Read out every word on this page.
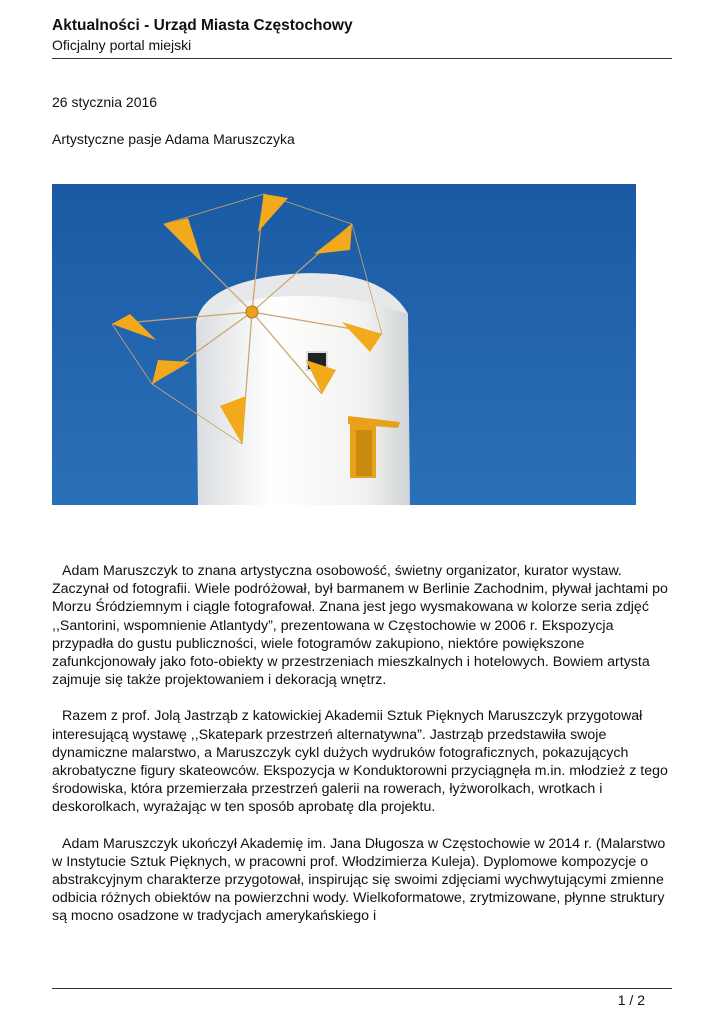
Aktualności - Urząd Miasta Częstochowy
Oficjalny portal miejski
26 stycznia 2016
Artystyczne pasje Adama Maruszczyka

Adam Maruszczyk to znana artystyczna osobowość, świetny organizator, kurator wystaw. Zaczynał od fotografii. Wiele podróżował, był barmanem w Berlinie Zachodnim, pływał jachtami po Morzu Śródziemnym i ciągle fotografował. Znana jest jego wysmakowana w kolorze seria zdjęć ,,Santorini, wspomnienie Atlantydy”, prezentowana w Częstochowie w 2006 r. Ekspozycja przypadła do gustu publiczności, wiele fotogramów zakupiono, niektóre powiększone zafunkcjonowały jako foto-obiekty w przestrzeniach mieszkalnych i hotelowych. Bowiem artysta zajmuje się także projektowaniem i dekoracją wnętrz.

Razem z prof. Jolą Jastrząb z katowickiej Akademii Sztuk Pięknych Maruszczyk przygotował interesującą wystawę ,,Skatepark przestrzeń alternatywna”. Jastrząb przedstawiła swoje dynamiczne malarstwo, a Maruszczyk cykl dużych wydruków fotograficznych, pokazujących akrobatyczne figury skateowców. Ekspozycja w Konduktorowni przyciągnęła m.in. młodzież z tego środowiska, która przemierzała przestrzeń galerii na rowerach, łyżworolkach, wrotkach i deskorolkach, wyrażając w ten sposób aprobatę dla projektu.

Adam Maruszczyk ukończył Akademię im. Jana Długosza w Częstochowie w 2014 r. (Malarstwo w Instytucie Sztuk Pięknych, w pracowni prof. Włodzimierza Kuleja). Dyplomowe kompozycje o abstrakcyjnym charakterze przygotował, inspirując się swoimi zdjęciami wychwytującymi zmienne odbicia różnych obiektów na powierzchni wody. Wielkoformatowe, zrytmizowane, płynne struktury są mocno osadzone w tradycjach amerykańskiego i

1 / 2
